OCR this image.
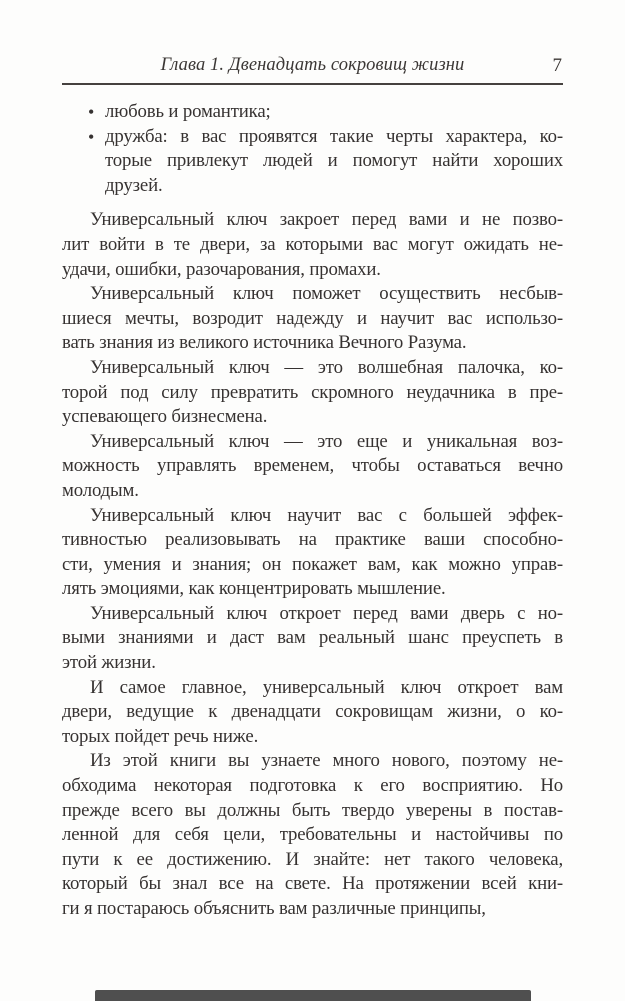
Глава 1. Двенадцать сокровищ жизни	7
• любовь и романтика;
• дружба: в вас проявятся такие черты характера, ко-
торые привлекут людей и помогут найти хороших
друзей.
Универсальный ключ закроет перед вами и не позво-
лит войти в те двери, за которыми вас могут ожидать не-
удачи, ошибки, разочарования, промахи.
Универсальный ключ поможет осуществить несбыв-
шиеся мечты, возродит надежду и научит вас использо-
вать знания из великого источника Вечного Разума.
Универсальный ключ — это волшебная палочка, ко-
торой под силу превратить скромного неудачника в пре-
успевающего бизнесмена.
Универсальный ключ — это еще и уникальная воз-
можность управлять временем, чтобы оставаться вечно
молодым.
Универсальный ключ научит вас с большей эффек-
тивностью реализовывать на практике ваши способно-
сти, умения и знания; он покажет вам, как можно управ-
лять эмоциями, как концентрировать мышление.
Универсальный ключ откроет перед вами дверь с но-
выми знаниями и даст вам реальный шанс преуспеть в
этой жизни.
И самое главное, универсальный ключ откроет вам
двери, ведущие к двенадцати сокровищам жизни, о ко-
торых пойдет речь ниже.
Из этой книги вы узнаете много нового, поэтому не-
обходима некоторая подготовка к его восприятию. Но
прежде всего вы должны быть твердо уверены в постав-
ленной для себя цели, требовательны и настойчивы по
пути к ее достижению. И знайте: нет такого человека,
который бы знал все на свете. На протяжении всей кни-
ги я постараюсь объяснить вам различные принципы,
